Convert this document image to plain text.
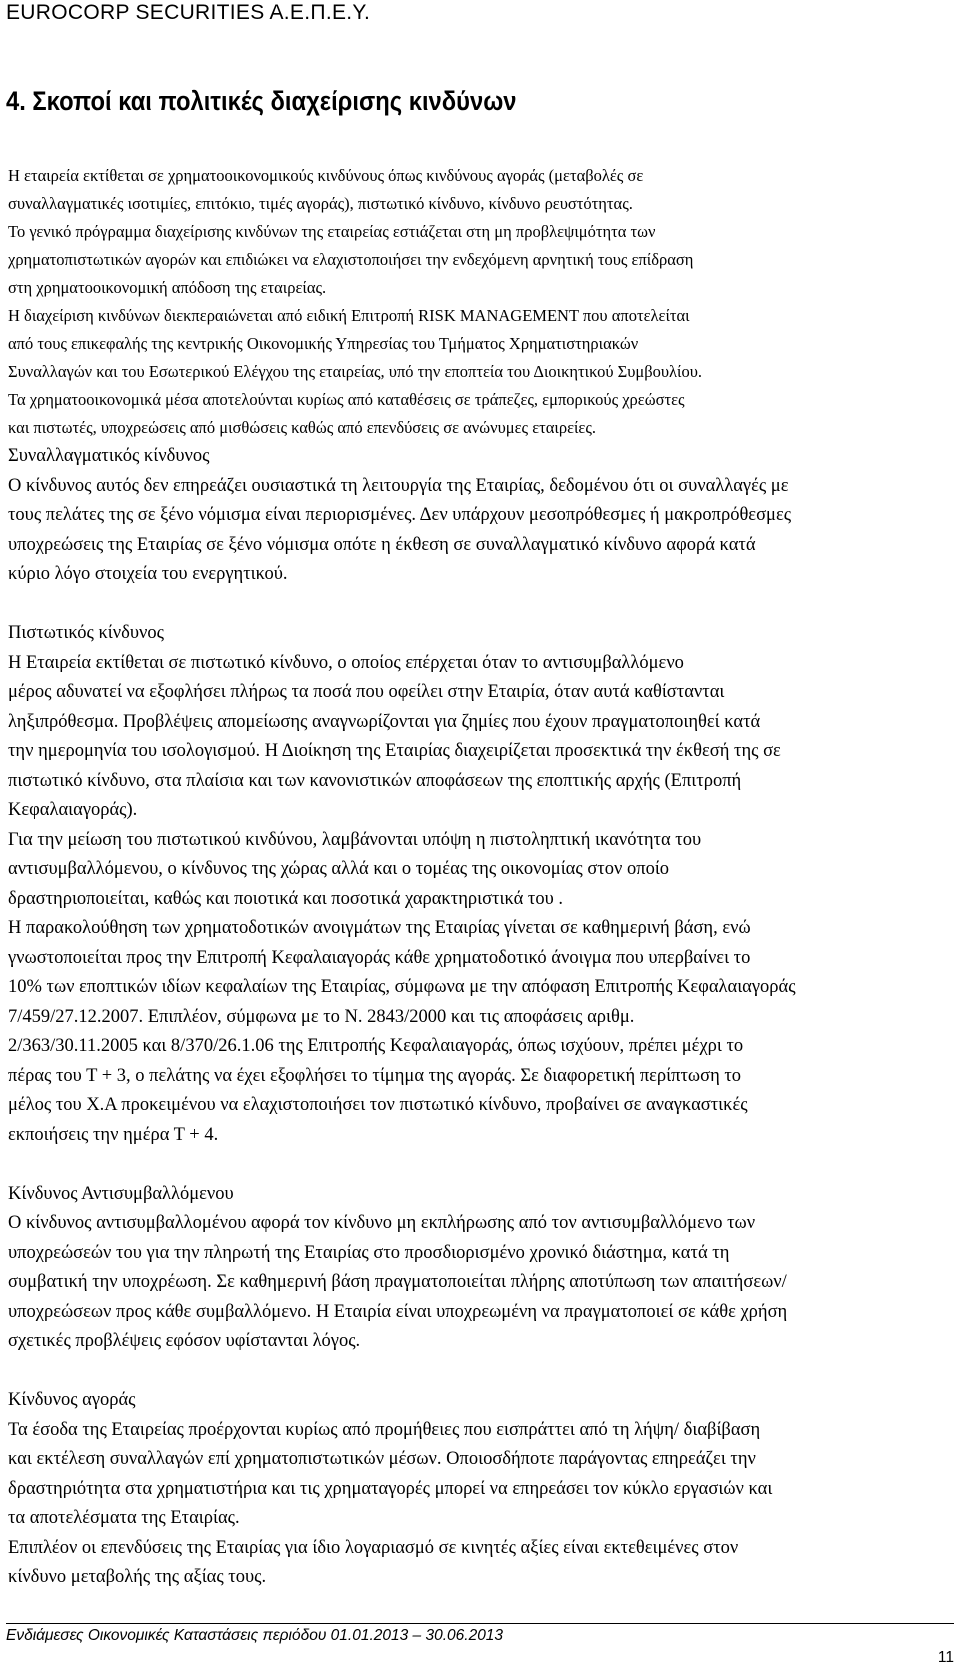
EUROCORP SECURITIES A.E.Π.Ε.Υ.
4. Σκοποί και πολιτικές διαχείρισης κινδύνων
Η εταιρεία εκτίθεται σε χρηματοοικονομικούς κινδύνους όπως κινδύνους αγοράς (μεταβολές σε
συναλλαγματικές ισοτιμίες, επιτόκιο, τιμές αγοράς), πιστωτικό κίνδυνο, κίνδυνο ρευστότητας.
Το γενικό πρόγραμμα διαχείρισης κινδύνων της εταιρείας εστιάζεται στη μη προβλεψιμότητα των
χρηματοπιστωτικών αγορών και επιδιώκει να ελαχιστοποιήσει την ενδεχόμενη αρνητική τους επίδραση
στη χρηματοοικονομική απόδοση της εταιρείας.
Η διαχείριση κινδύνων διεκπεραιώνεται από ειδική Επιτροπή RISK MANAGEMENT που αποτελείται
από τους επικεφαλής της κεντρικής Οικονομικής Υπηρεσίας του Τμήματος Χρηματιστηριακών
Συναλλαγών και του Εσωτερικού Ελέγχου της εταιρείας, υπό την εποπτεία του Διοικητικού Συμβουλίου.
Τα χρηματοοικονομικά μέσα αποτελούνται κυρίως από καταθέσεις σε τράπεζες, εμπορικούς χρεώστες
και πιστωτές, υποχρεώσεις από μισθώσεις καθώς από επενδύσεις σε ανώνυμες εταιρείες.
Συναλλαγματικός κίνδυνος
Ο κίνδυνος αυτός δεν επηρεάζει ουσιαστικά τη λειτουργία της Εταιρίας, δεδομένου ότι οι συναλλαγές με
τους πελάτες της σε ξένο νόμισμα είναι περιορισμένες. Δεν υπάρχουν μεσοπρόθεσμες ή μακροπρόθεσμες
υποχρεώσεις της Εταιρίας σε ξένο νόμισμα οπότε η έκθεση σε συναλλαγματικό κίνδυνο αφορά κατά
κύριο λόγο στοιχεία του ενεργητικού.
Πιστωτικός κίνδυνος
Η Εταιρεία εκτίθεται σε πιστωτικό κίνδυνο, ο οποίος επέρχεται όταν το αντισυμβαλλόμενο
μέρος αδυνατεί να εξοφλήσει πλήρως τα ποσά που οφείλει στην Εταιρία, όταν αυτά καθίστανται
ληξιπρόθεσμα. Προβλέψεις απομείωσης αναγνωρίζονται για ζημίες που έχουν πραγματοποιηθεί κατά
την ημερομηνία του ισολογισμού. Η Διοίκηση της Εταιρίας διαχειρίζεται προσεκτικά την έκθεσή της σε
πιστωτικό κίνδυνο, στα πλαίσια και των κανονιστικών αποφάσεων της εποπτικής αρχής (Επιτροπή
Κεφαλαιαγοράς).
Για την μείωση του πιστωτικού κινδύνου, λαμβάνονται υπόψη η πιστοληπτική ικανότητα του
αντισυμβαλλόμενου, ο κίνδυνος της χώρας αλλά και ο τομέας της οικονομίας στον οποίο
δραστηριοποιείται, καθώς και ποιοτικά και ποσοτικά χαρακτηριστικά του .
Η παρακολούθηση των χρηματοδοτικών ανοιγμάτων της Εταιρίας γίνεται σε καθημερινή βάση, ενώ
γνωστοποιείται προς την Επιτροπή Κεφαλαιαγοράς κάθε χρηματοδοτικό άνοιγμα που υπερβαίνει το
10% των εποπτικών ιδίων κεφαλαίων της Εταιρίας, σύμφωνα με την απόφαση Επιτροπής Κεφαλαιαγοράς
7/459/27.12.2007. Επιπλέον, σύμφωνα με το Ν. 2843/2000 και τις αποφάσεις αριθμ.
2/363/30.11.2005 και 8/370/26.1.06 της Επιτροπής Κεφαλαιαγοράς, όπως ισχύουν, πρέπει μέχρι το
πέρας του Τ + 3, ο πελάτης να έχει εξοφλήσει το τίμημα της αγοράς. Σε διαφορετική περίπτωση το
μέλος του Χ.Α προκειμένου να ελαχιστοποιήσει τον πιστωτικό κίνδυνο, προβαίνει σε αναγκαστικές
εκποιήσεις την ημέρα Τ + 4.
Κίνδυνος Αντισυμβαλλόμενου
Ο κίνδυνος αντισυμβαλλομένου αφορά τον κίνδυνο μη εκπλήρωσης από τον αντισυμβαλλόμενο των
υποχρεώσεών του για την πληρωτή της Εταιρίας στο προσδιορισμένο χρονικό διάστημα, κατά τη
συμβατική την υποχρέωση. Σε καθημερινή βάση πραγματοποιείται πλήρης αποτύπωση των απαιτήσεων/
υποχρεώσεων προς κάθε συμβαλλόμενο. Η Εταιρία είναι υποχρεωμένη να πραγματοποιεί σε κάθε χρήση
σχετικές προβλέψεις εφόσον υφίστανται λόγος.
Κίνδυνος αγοράς
Τα έσοδα της Εταιρείας προέρχονται κυρίως από προμήθειες που εισπράττει από τη λήψη/ διαβίβαση
και εκτέλεση συναλλαγών επί χρηματοπιστωτικών μέσων. Οποιοσδήποτε παράγοντας επηρεάζει την
δραστηριότητα στα χρηματιστήρια και τις χρηματαγορές μπορεί να επηρεάσει τον κύκλο εργασιών και
τα αποτελέσματα της Εταιρίας.
Επιπλέον οι επενδύσεις της Εταιρίας για ίδιο λογαριασμό σε κινητές αξίες είναι εκτεθειμένες στον
κίνδυνο μεταβολής της αξίας τους.
Ενδιάμεσες Οικονομικές Καταστάσεις περιόδου 01.01.2013 – 30.06.2013
11
